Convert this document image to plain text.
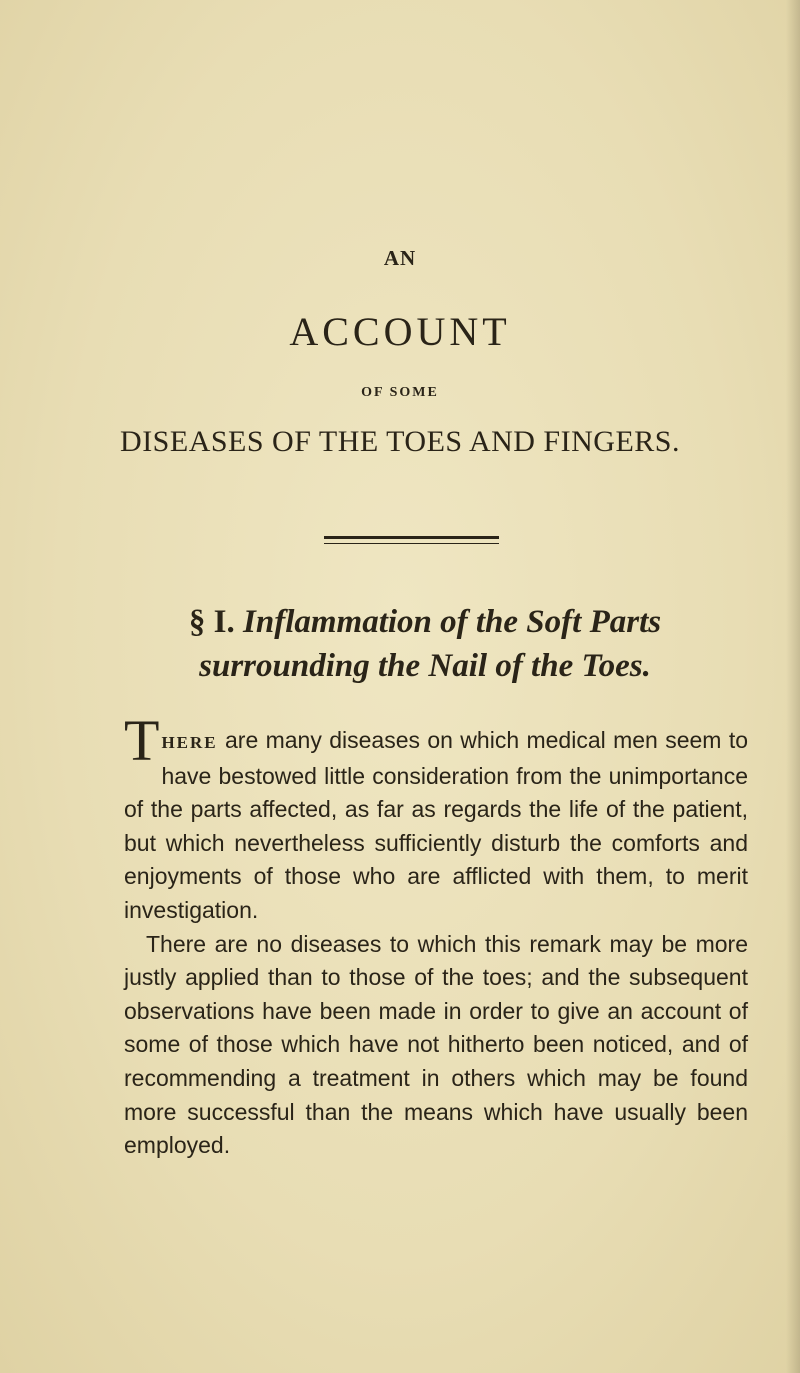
AN
ACCOUNT
OF SOME
DISEASES OF THE TOES AND FINGERS.
§ I. Inflammation of the Soft Parts surrounding the Nail of the Toes.

THERE are many diseases on which medical men seem to have bestowed little consideration from the unimportance of the parts affected, as far as regards the life of the patient, but which nevertheless sufficiently disturb the comforts and enjoyments of those who are afflicted with them, to merit investigation.

There are no diseases to which this remark may be more justly applied than to those of the toes; and the subsequent observations have been made in order to give an account of some of those which have not hitherto been noticed, and of recommending a treatment in others which may be found more successful than the means which have usually been employed.
